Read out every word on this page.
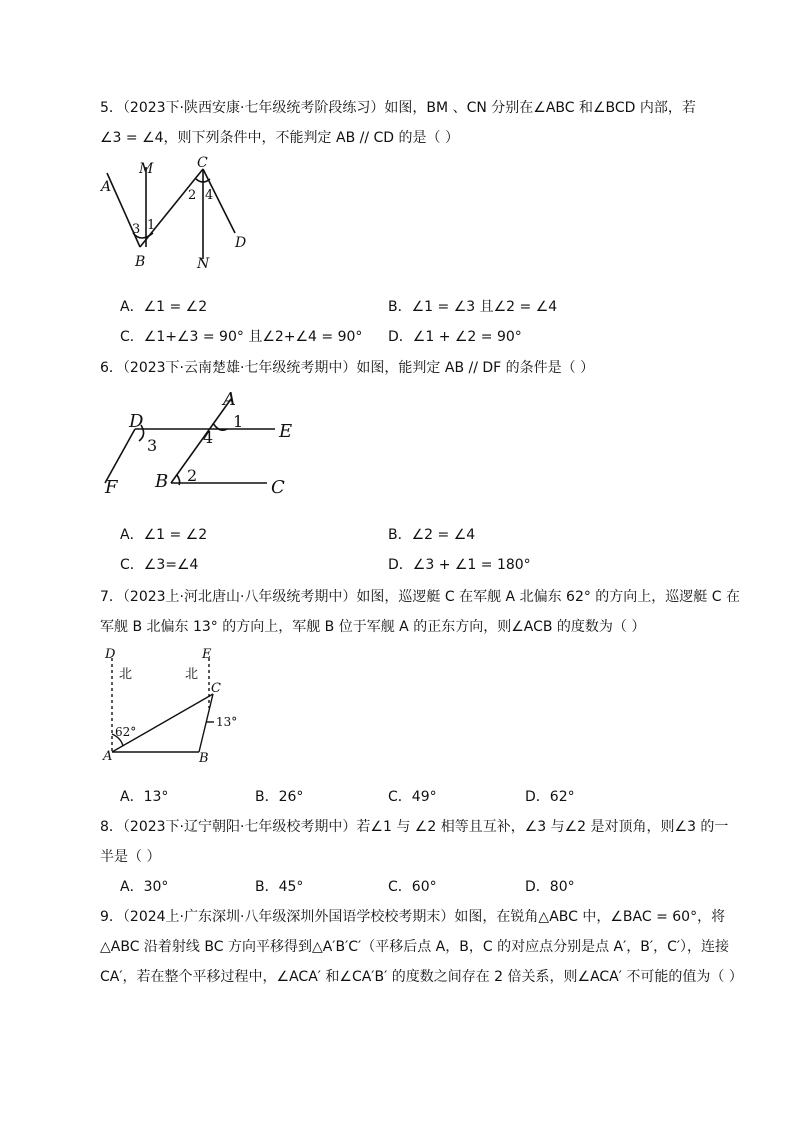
5．（2023下·陕西安康·七年级统考阶段练习）如图，BM 、CN 分别在∠ABC 和∠BCD 内部，若
∠3 = ∠4，则下列条件中，不能判定 AB // CD 的是（ ）
A
M	C
B	N
D
3 1
2 4
A．∠1 = ∠2	B．∠1 = ∠3 且∠2 = ∠4
C．∠1+∠3 = 90° 且∠2+∠4 = 90° D．∠1 + ∠2 = 90°
6．（2023下·云南楚雄·七年级统考期中）如图，能判定 AB // DF 的条件是（ ）
D
A
E
F B	C
1
2
3	4
A．∠1 = ∠2	B．∠2 = ∠4
C．∠3=∠4	D．∠3 + ∠1 = 180°
7．（2023上·河北唐山·八年级统考期中）如图，巡逻艇 C 在军舰 A 北偏东 62° 的方向上，巡逻艇 C 在
军舰 B 北偏东 13° 的方向上，军舰 B 位于军舰 A 的正东方向，则∠ACB 的度数为（ ）
D
北
E
北
C
A	B
62°
13°
A．13°	B．26°	C．49°	D．62°
8．（2023下·辽宁朝阳·七年级校考期中）若∠1 与 ∠2 相等且互补，∠3 与∠2 是对顶角，则∠3 的一
半是（ ）
A．30°	B．45°	C．60°	D．80°
9．（2024上·广东深圳·八年级深圳外国语学校校考期末）如图，在锐角△ABC 中，∠BAC = 60°，将
△ABC 沿着射线 BC 方向平移得到△A′B′C′（平移后点 A，B，C 的对应点分别是点 A′，B′，C′），连接
CA′，若在整个平移过程中，∠ACA′ 和∠CA′B′ 的度数之间存在 2 倍关系，则∠ACA′ 不可能的值为（ ）
